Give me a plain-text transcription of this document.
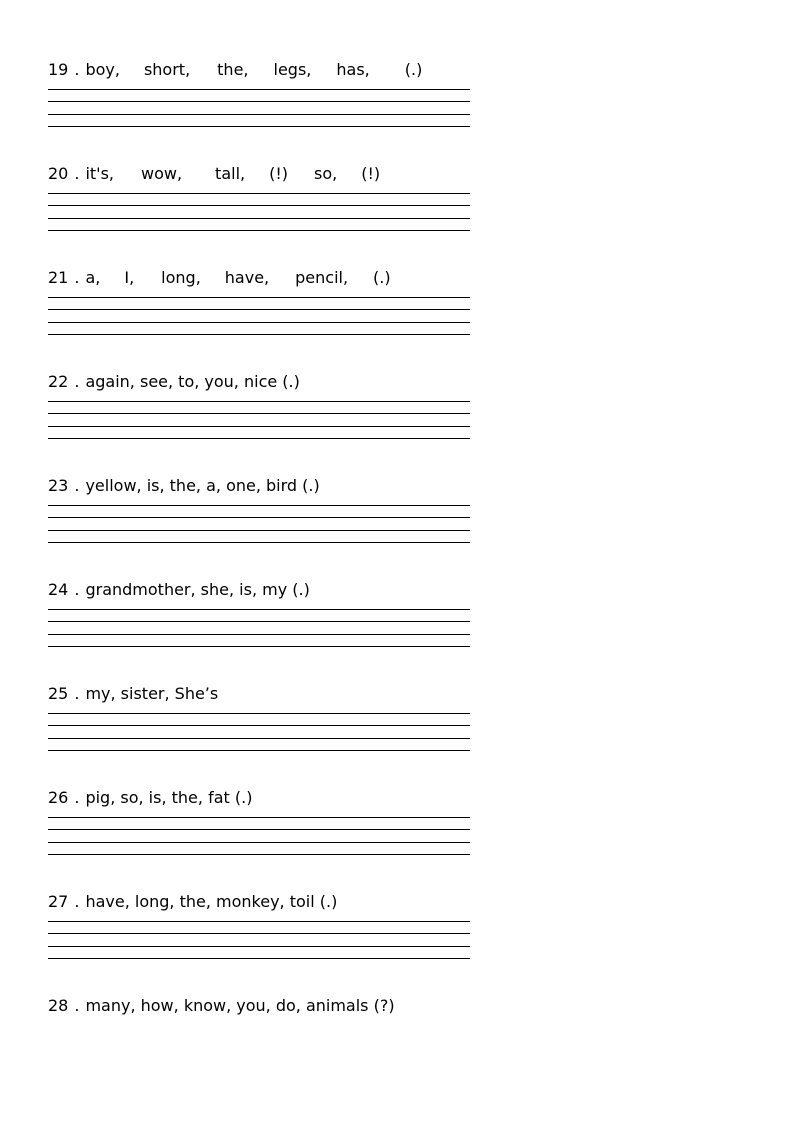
19 . boy, short, the, legs, has, (.)
20 . it's, wow, tall, (!) so, (!)
21 . a, I, long, have, pencil, (.)
22 . again, see, to, you, nice (.)
23 . yellow, is, the, a, one, bird (.)
24 . grandmother, she, is, my (.)
25 . my, sister, She’s
26 . pig, so, is, the, fat (.)
27 . have, long, the, monkey, toil (.)
28 . many, how, know, you, do, animals (?)
